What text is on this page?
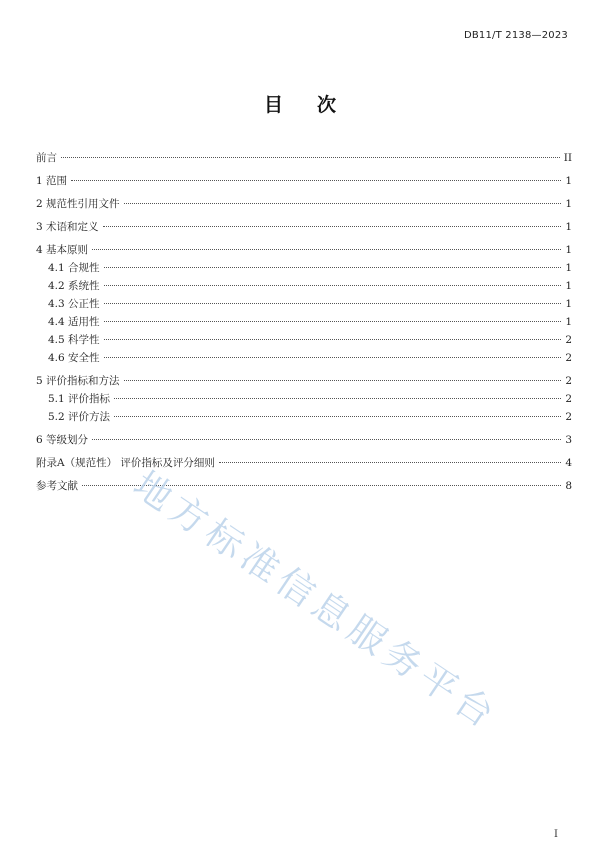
DB11/T 2138—2023
目次
前言	II
1 范围	1
2 规范性引用文件	1
3 术语和定义	1
4 基本原则	1
4.1 合规性	1
4.2 系统性	1
4.3 公正性	1
4.4 适用性	1
4.5 科学性	2
4.6 安全性	2
5 评价指标和方法	2
5.1 评价指标	2
5.2 评价方法	2
6 等级划分	3
附录A（规范性） 评价指标及评分细则	4
参考文献	8
地方标准信息服务平台
I
